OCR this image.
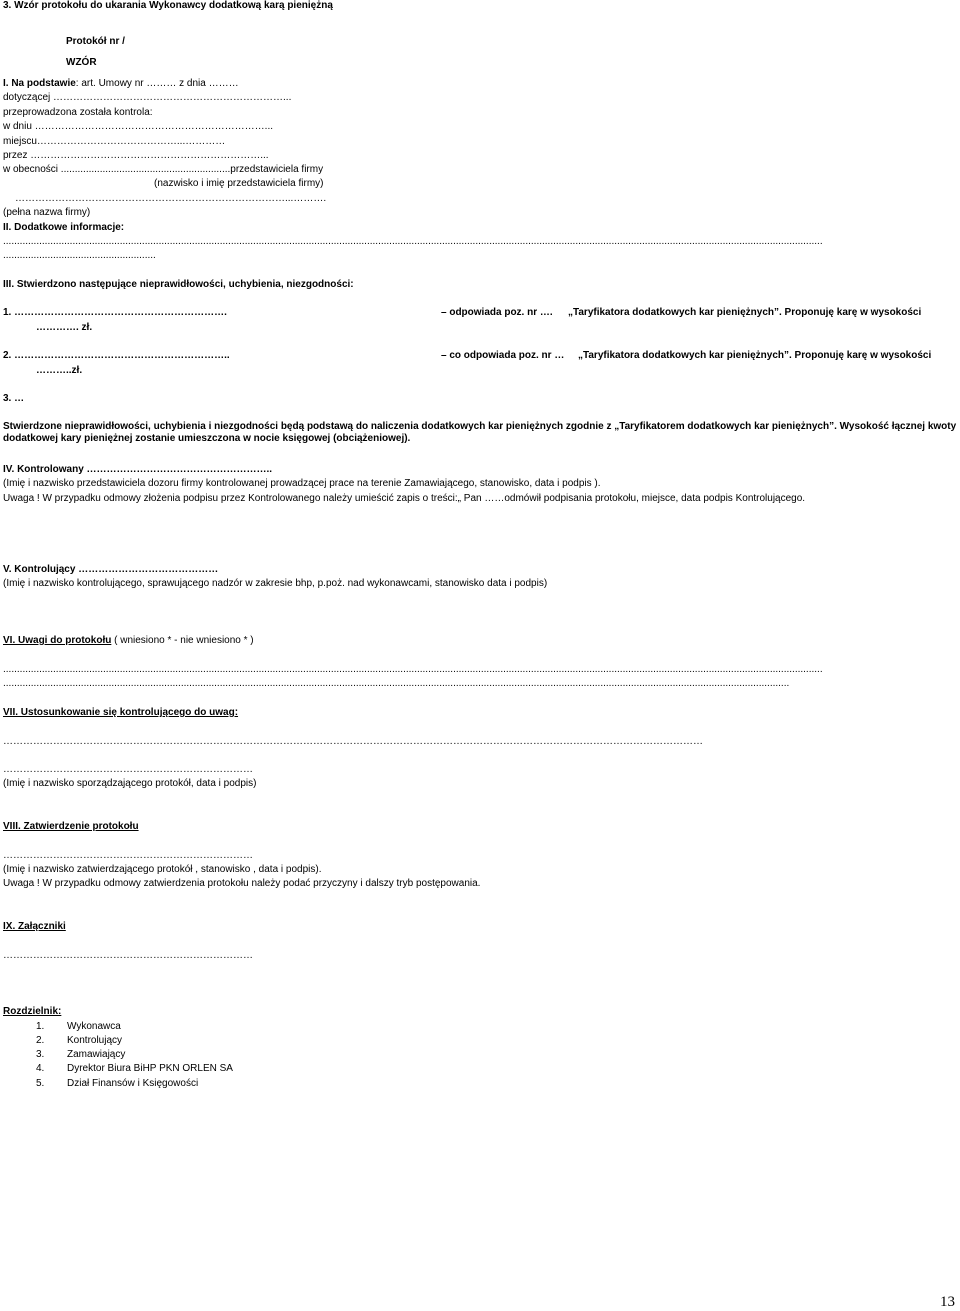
3. Wzór protokołu do ukarania Wykonawcy dodatkową karą pieniężną
Protokół nr /
WZÓR
I. Na podstawie: art. Umowy nr ……… z dnia ………
dotyczącej ……………………………………………………………...
przeprowadzona została kontrola:
w dniu ……………………………………………………………...
miejscu……………………………………...…………
przez ……………………………………………………………...
w obecności .............................................................przedstawiciela firmy
(nazwisko i imię przedstawiciela firmy)
………………………………………………………………………...……….
(pełna nazwa firmy)
II. Dodatkowe informacje:
.......................................................................................................................................................................................................................................................................................................
.......................................................
III. Stwierdzono następujące nieprawidłowości, uchybienia, niezgodności:
1. ……………………………………………………….	– odpowiada poz. nr …. „Taryfikatora dodatkowych kar pieniężnych”. Proponuję karę w wysokości
…………. zł.
2. ………………………………………………………..	– co odpowiada poz. nr … „Taryfikatora dodatkowych kar pieniężnych”. Proponuję karę w wysokości
………..zł.
3. …
Stwierdzone nieprawidłowości, uchybienia i niezgodności będą podstawą do naliczenia dodatkowych kar pieniężnych zgodnie z „Taryfikatorem dodatkowych kar pieniężnych”. Wysokość łącznej kwoty dodatkowej kary pieniężnej zostanie umieszczona w nocie księgowej (obciążeniowej).
IV. Kontrolowany ………………………………………………..
(Imię i nazwisko przedstawiciela dozoru firmy kontrolowanej prowadzącej prace na terenie Zamawiającego, stanowisko, data i podpis ).
Uwaga ! W przypadku odmowy złożenia podpisu przez Kontrolowanego należy umieścić zapis o treści:„ Pan ……odmówił podpisania protokołu, miejsce, data podpis Kontrolującego.
V. Kontrolujący ……………………………………
(Imię i nazwisko kontrolującego, sprawującego nadzór w zakresie bhp, p.poż. nad wykonawcami, stanowisko data i podpis)
VI. Uwagi do protokołu ( wniesiono * - nie wniesiono * )
.......................................................................................................................................................................................................................................................................................................
...........................................................................................................................................................................................................................................................................................
VII. Ustosunkowanie się kontrolującego do uwag:
…………………………………………………………………………………………………………………………………………………………………………………………
…………………………………………………………………
(Imię i nazwisko sporządzającego protokół, data i podpis)
VIII. Zatwierdzenie protokołu
…………………………………………………………………
(Imię i nazwisko zatwierdzającego protokół , stanowisko , data i podpis).
Uwaga ! W przypadku odmowy zatwierdzenia protokołu należy podać przyczyny i dalszy tryb postępowania.
IX. Załączniki
…………………………………………………………………
Rozdzielnik:
1. Wykonawca
2. Kontrolujący
3. Zamawiający
4. Dyrektor Biura BiHP PKN ORLEN SA
5. Dział Finansów i Księgowości
13
